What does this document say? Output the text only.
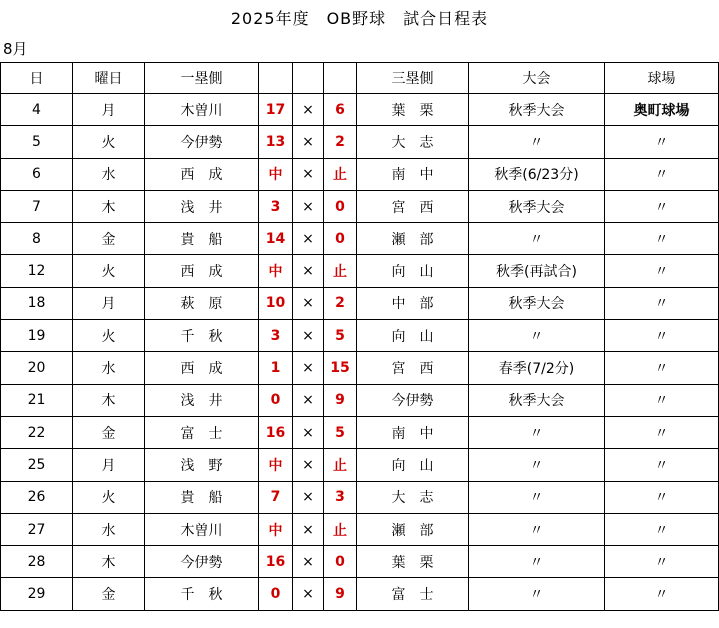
2025年度　OB野球　試合日程表
8月
日	曜日	一塁側				三塁側	大会	球場
4	月	木曽川	17	×	6	葉　栗	秋季大会	奥町球場
5	火	今伊勢	13	×	2	大　志	〃	〃
6	水	西　成	中	×	止	南　中	秋季(6/23分)	〃
7	木	浅　井	3	×	0	宮　西	秋季大会	〃
8	金	貴　船	14	×	0	瀬　部	〃	〃
12	火	西　成	中	×	止	向　山	秋季(再試合)	〃
18	月	萩　原	10	×	2	中　部	秋季大会	〃
19	火	千　秋	3	×	5	向　山	〃	〃
20	水	西　成	1	×	15	宮　西	春季(7/2分)	〃
21	木	浅　井	0	×	9	今伊勢	秋季大会	〃
22	金	富　士	16	×	5	南　中	〃	〃
25	月	浅　野	中	×	止	向　山	〃	〃
26	火	貴　船	7	×	3	大　志	〃	〃
27	水	木曽川	中	×	止	瀬　部	〃	〃
28	木	今伊勢	16	×	0	葉　栗	〃	〃
29	金	千　秋	0	×	9	富　士	〃	〃
